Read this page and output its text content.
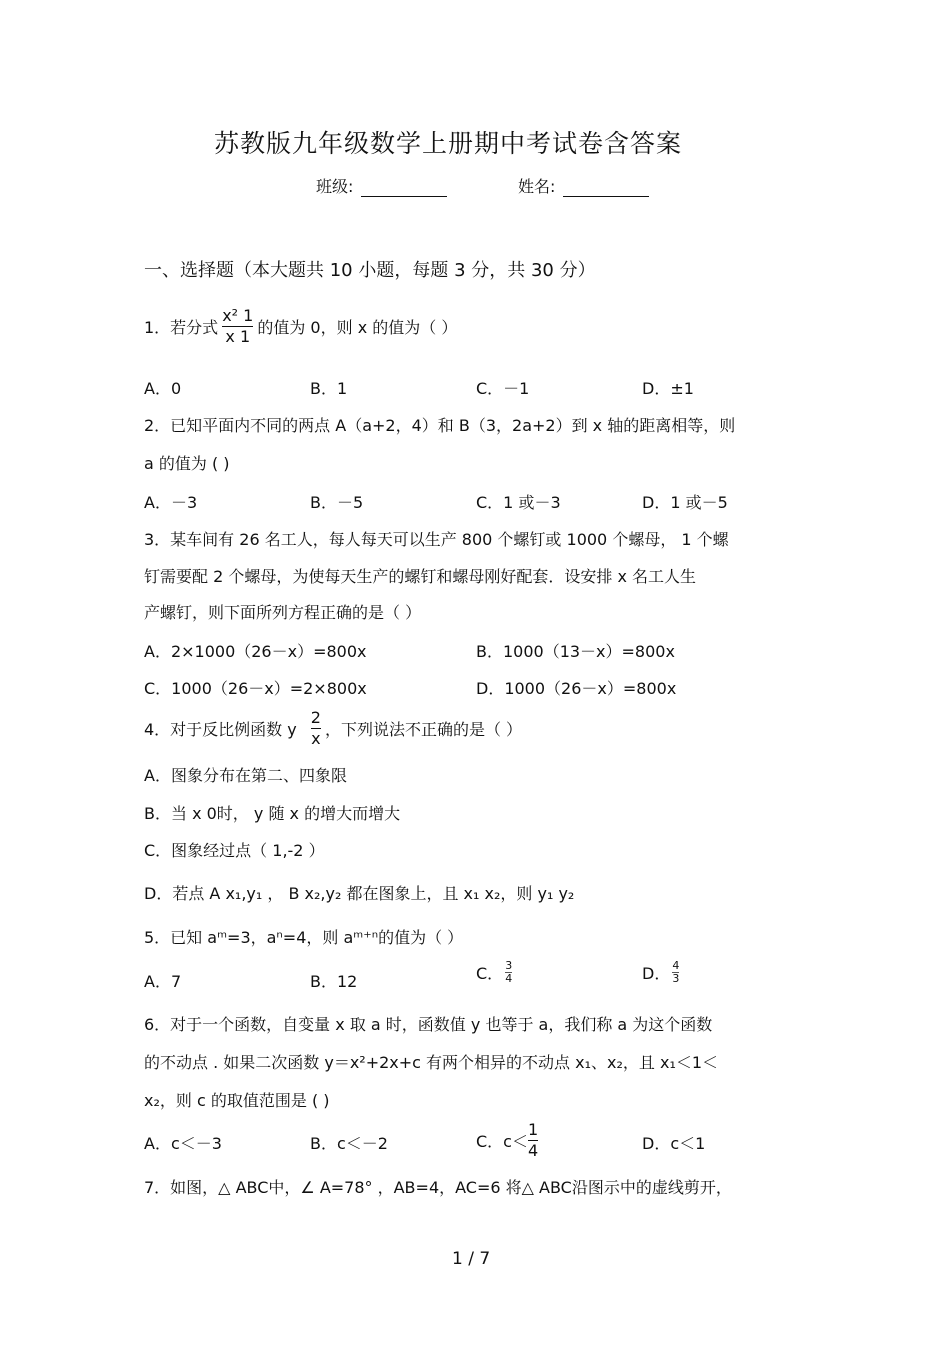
苏教版九年级数学上册期中考试卷含答案
班级:	姓名:
一、选择题（本大题共 10 小题，每题 3 分，共 30 分）
1．若分式 $\frac{\text{x² 1}}{x 1}$ 的值为 0，则 x 的值为（ ）
A．0	B．1	C．－1	D．±1
2．已知平面内不同的两点 A（a+2，4）和 B（3，2a+2）到 x 轴的距离相等，则
a 的值为 ( )
A．－3	B．－5	C．1 或－3	D．1 或－5
3．某车间有 26 名工人，每人每天可以生产 800 个螺钉或 1000 个螺母， 1 个螺
钉需要配 2 个螺母，为使每天生产的螺钉和螺母刚好配套．设安排 x 名工人生
产螺钉，则下面所列方程正确的是（ ）
A．2×1000（26－x）=800x	B．1000（13－x）=800x
C．1000（26－x）=2×800x	D．1000（26－x）=800x
4．对于反比例函数 y $\frac{2}{x}$ ，下列说法不正确的是（ ）
A．图象分布在第二、四象限
B．当 x 0时， y 随 x 的增大而增大
C．图象经过点（ 1,-2 ）
D．若点 A x₁,y₁ ， B x₂,y₂ 都在图象上，且 x₁ x₂，则 y₁ y₂
5．已知 aᵐ=3，aⁿ=4，则 aᵐ⁺ⁿ的值为（ ）
A．7	B．12	C． $\frac{3}{4}$	D． $\frac{4}{3}$
6．对于一个函数，自变量 x 取 a 时，函数值 y 也等于 a，我们称 a 为这个函数
的不动点 . 如果二次函数 y＝x²+2x+c 有两个相异的不动点 x₁、x₂，且 x₁＜1＜
x₂，则 c 的取值范围是 ( )
A．c＜－3	B．c＜－2	C．$c< \frac{1}{4}$	D．c＜1
7．如图，△ ABC中，∠ A=78° ，AB=4，AC=6 将△ ABC沿图示中的虚线剪开，
1 / 7
